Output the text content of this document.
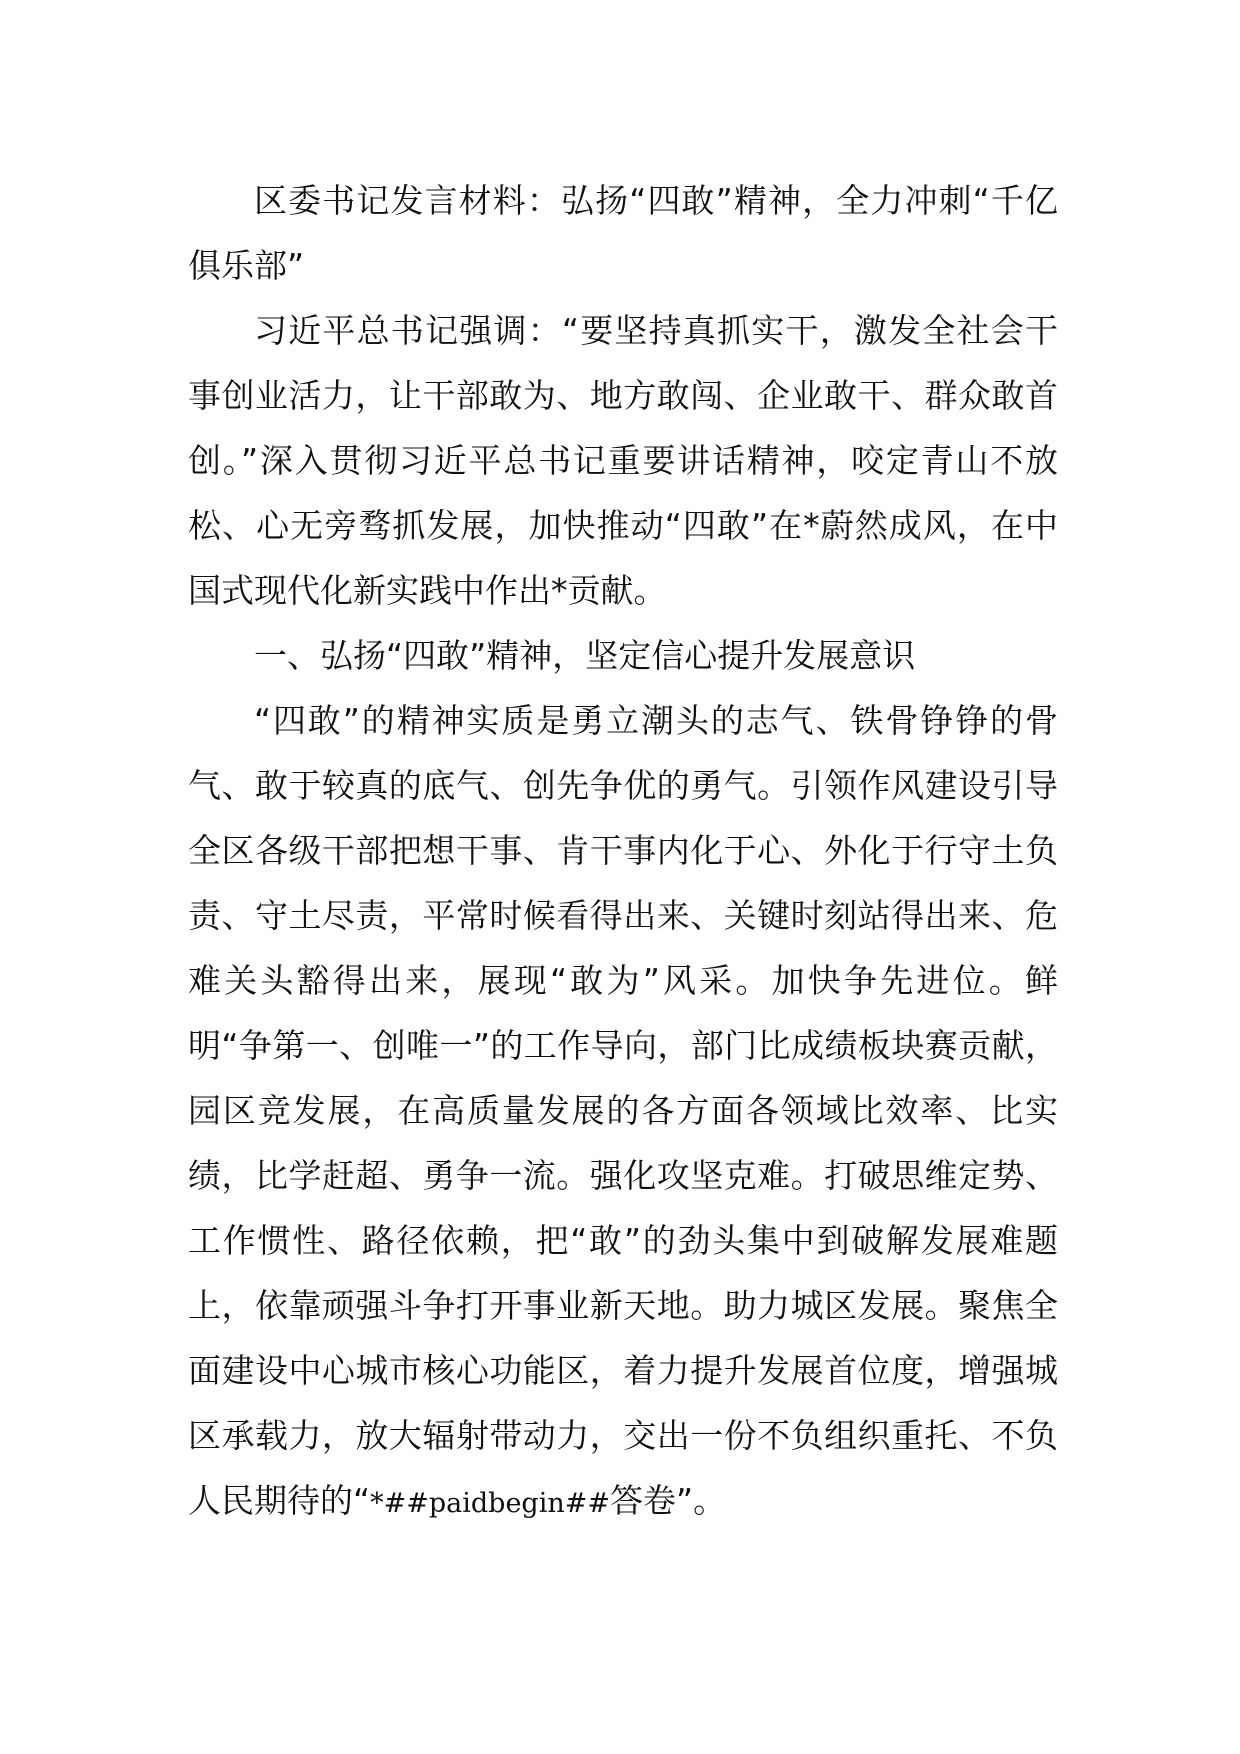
区委书记发言材料：弘扬“四敢”精神，全力冲刺“千亿俱乐部”

习近平总书记强调：“要坚持真抓实干，激发全社会干事创业活力，让干部敢为、地方敢闯、企业敢干、群众敢首创。”深入贯彻习近平总书记重要讲话精神，咬定青山不放松、心无旁骛抓发展，加快推动“四敢”在*蔚然成风，在中国式现代化新实践中作出*贡献。

一、弘扬“四敢”精神，坚定信心提升发展意识

“四敢”的精神实质是勇立潮头的志气、铁骨铮铮的骨气、敢于较真的底气、创先争优的勇气。引领作风建设引导全区各级干部把想干事、肯干事内化于心、外化于行守土负责、守土尽责，平常时候看得出来、关键时刻站得出来、危难关头豁得出来，展现“敢为”风采。加快争先进位。鲜明“争第一、创唯一”的工作导向，部门比成绩板块赛贡献，园区竞发展，在高质量发展的各方面各领域比效率、比实绩，比学赶超、勇争一流。强化攻坚克难。打破思维定势、工作惯性、路径依赖，把“敢”的劲头集中到破解发展难题上，依靠顽强斗争打开事业新天地。助力城区发展。聚焦全面建设中心城市核心功能区，着力提升发展首位度，增强城区承载力，放大辐射带动力，交出一份不负组织重托、不负人民期待的“*##paidbegin##答卷”。
